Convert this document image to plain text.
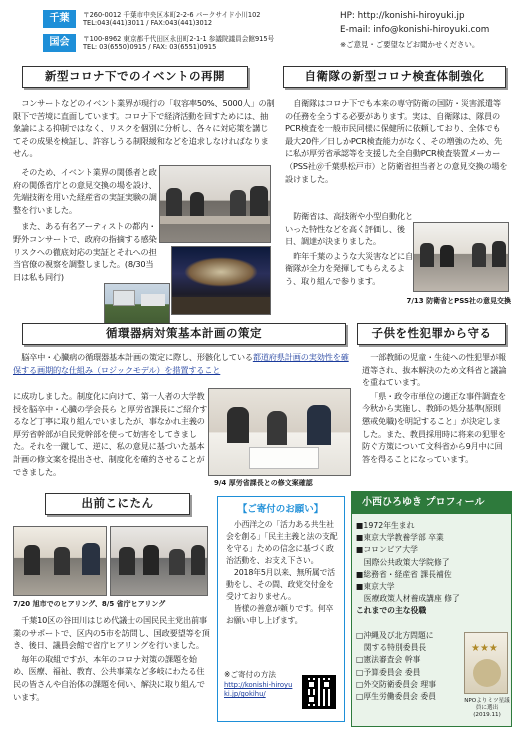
千葉	〒260-0012 千葉市中央区本町2-2-6 パークサイド小川102
TEL:043(441)3011 / FAX:043(441)3012
国会	〒100-8962 東京都千代田区永田町2-1-1 参議院議員会館915号
TEL: 03(6550)0915 / FAX: 03(6551)0915
HP: http://konishi-hiroyuki.jp
E-mail: info@konishi-hiroyuki.com
※ご意見・ご要望などお聞かせください。
新型コロナ下でのイベントの再開

コンサートなどのイベント業界が現行の「収容率50%、5000人」の制限下で苦境に直面しています。コロナ下で経済活動を回すためには、抽象論による抑制ではなく、リスクを個別に分析し、各々に対応策を講じてその成果を検証し、許容しうる制限緩和などを追求しなければなりません。

そのため、イベント業界の関係者と政府の関係省庁との意見交換の場を設け、先端技術を用いた経産省の実証実験の調整を行いました。

また、ある有名アーティストの都内・野外コンサートで、政府の指摘する感染リスクへの徹底対応の実証とそれへの担当官僚の視察を調整しました。(8/30当日は私も同行)

自衛隊の新型コロナ検査体制強化

自衛隊はコロナ下でも本来の専守防衛の国防・災害派遣等の任務を全うする必要があります。実は、自衛隊は、隊員のPCR検査を一般市民同様に保健所に依頼しており、全体でも最大20件／日しかPCR検査能力がなく、その増強のため、先に私が厚労省承認等を支援した全自動PCR検査装置メーカー（PSS社＠千葉県松戸市）と防衛省担当者との意見交換の場を設けました。

防衛省は、高技術や小型自動化といった特性などを高く評価し、後日、調達が決まりました。

昨年千葉のような大災害などに自衛隊が全力を発揮してもらえるよう、取り組んで参ります。

7/13 防衛省とPSS社の意見交換
循環器病対策基本計画の策定

脳卒中・心臓病の循環器基本計画の策定に際し、形骸化している都道府県計画の実効性を確保する画期的な仕組み（ロジックモデル）を措置すること

に成功しました。制度化に向けて、第一人者の大学教授を脳卒中・心臓の学会長ら と厚労省課長にご紹介するなど丁寧に取り組んでいましたが、事なかれ主義の厚労省幹部が自民党幹部を使って妨害をしてきました。それを一蹴して、逆に、私の意見に基づいた基本計画の修文案を提出させ、制度化を確約させることができました。

9/4 厚労省課長との修文案確認
子供を性犯罪から守る

一部教師の児童・生徒への性犯罪が報道等され、抜本解決のため文科省と議論を重ねています。

「県・政令市単位の適正な事件調査を今秋から実施し、教師の処分基準(原則懲戒免職)を明記すること」が決定しました。また、教員採用時に将来の犯罪を防ぐ方策について文科省から9月中に回答を得ることになっています。

出前こにたん
7/20 旭市でのヒアリング、8/5 省庁ヒアリング

千葉10区の谷田川はじめ代議士の国民民主党出前事業のサポートで、区内の5市を訪問し、国政要望等を頂き、後日、議員会館で省庁ヒアリングを行いました。

毎年の取組ですが、本年のコロナ対策の課題を始め、医療、福祉、教育、公共事業など多岐にわたる住民の皆さんや自治体の課題を伺い、解決に取り組んでいます。

【ご寄付のお願い】

小西洋之の「活力ある共生社会を創る」「民主主義と法の支配を守る」ための信念に基づく政治活動を、お支え下さい。

2018年5月以来、無所属で活動をし、その間、政党交付金を受けておりません。

皆様の善意が頼りです。何卒お願い申し上げます。

※ご寄付の方法
http://konishi-hiroyuki.jp/gokihu/
小西ひろゆき プロフィール
■1972年生まれ
■東京大学教養学部 卒業
■コロンビア大学
　国際公共政策大学院修了
■総務省・経産省 課長補佐
■東京大学
　医療政策人材養成講座 修了
これまでの主な役職
□沖縄及び北方問題に
　関する特別委員長
□憲法審査会 幹事
□予算委員会 委員
□外交防衛委員会 理事
□厚生労働委員会 委員
★★★
NPOよりミツ星議員に選出(2019.11)
